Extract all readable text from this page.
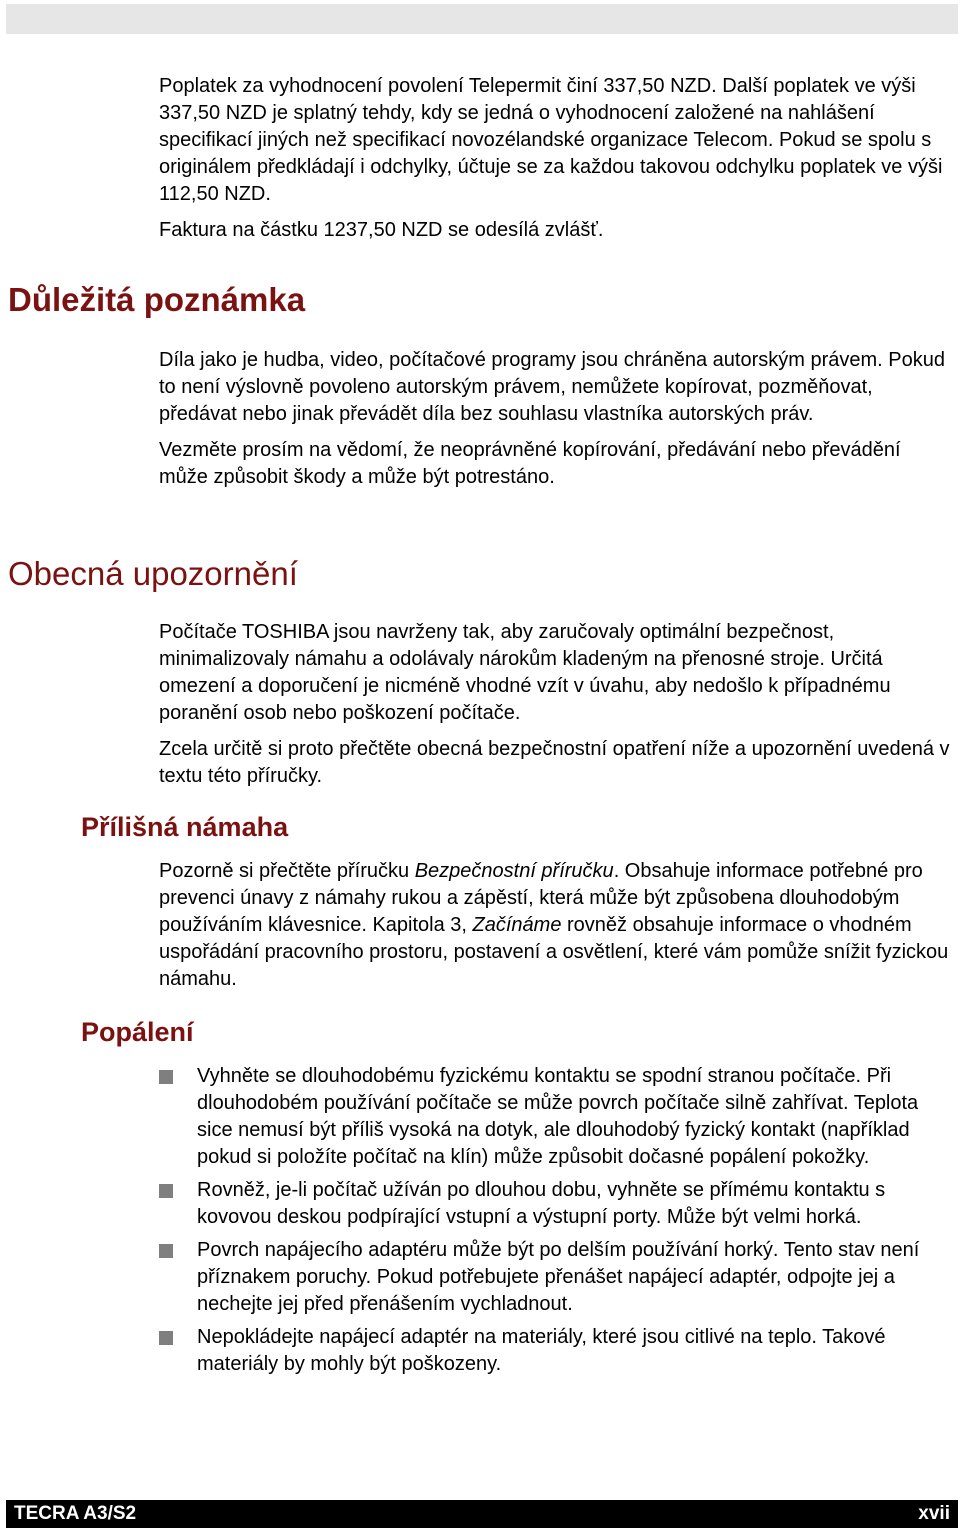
Poplatek za vyhodnocení povolení Telepermit činí 337,50 NZD. Další poplatek ve výši 337,50 NZD je splatný tehdy, kdy se jedná o vyhodnocení založené na nahlášení specifikací jiných než specifikací novozélandské organizace Telecom. Pokud se spolu s originálem předkládají i odchylky, účtuje se za každou takovou odchylku poplatek ve výši 112,50 NZD.

Faktura na částku 1237,50 NZD se odesílá zvlášť.

Důležitá poznámka

Díla jako je hudba, video, počítačové programy jsou chráněna autorským právem. Pokud to není výslovně povoleno autorským právem, nemůžete kopírovat, pozměňovat, předávat nebo jinak převádět díla bez souhlasu vlastníka autorských práv.

Vezměte prosím na vědomí, že neoprávněné kopírování, předávání nebo převádění může způsobit škody a může být potrestáno.

Obecná upozornění

Počítače TOSHIBA jsou navrženy tak, aby zaručovaly optimální bezpečnost, minimalizovaly námahu a odolávaly nárokům kladeným na přenosné stroje. Určitá omezení a doporučení je nicméně vhodné vzít v úvahu, aby nedošlo k případnému poranění osob nebo poškození počítače.

Zcela určitě si proto přečtěte obecná bezpečnostní opatření níže a upozornění uvedená v textu této příručky.

Přílišná námaha

Pozorně si přečtěte příručku Bezpečnostní příručku. Obsahuje informace potřebné pro prevenci únavy z námahy rukou a zápěstí, která může být způsobena dlouhodobým používáním klávesnice. Kapitola 3, Začínáme rovněž obsahuje informace o vhodném uspořádání pracovního prostoru, postavení a osvětlení, které vám pomůže snížit fyzickou námahu.

Popálení
Vyhněte se dlouhodobému fyzickému kontaktu se spodní stranou počítače. Při dlouhodobém používání počítače se může povrch počítače silně zahřívat. Teplota sice nemusí být příliš vysoká na dotyk, ale dlouhodobý fyzický kontakt (například pokud si položíte počítač na klín) může způsobit dočasné popálení pokožky.
Rovněž, je-li počítač užíván po dlouhou dobu, vyhněte se přímému kontaktu s kovovou deskou podpírající vstupní a výstupní porty. Může být velmi horká.
Povrch napájecího adaptéru může být po delším používání horký. Tento stav není příznakem poruchy. Pokud potřebujete přenášet napájecí adaptér, odpojte jej a nechejte jej před přenášením vychladnout.
Nepokládejte napájecí adaptér na materiály, které jsou citlivé na teplo. Takové materiály by mohly být poškozeny.
TECRA A3/S2	xvii
